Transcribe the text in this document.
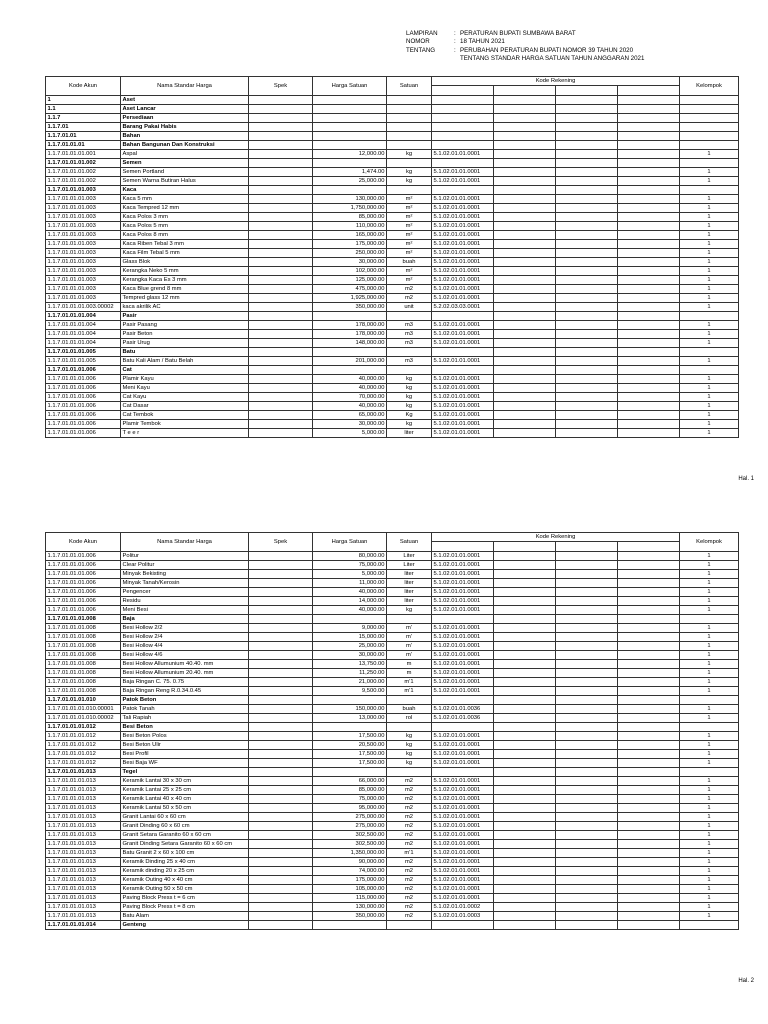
LAMPIRAN	: PERATURAN BUPATI SUMBAWA BARAT
NOMOR	: 18 TAHUN 2021
TENTANG	: PERUBAHAN PERATURAN BUPATI NOMOR 39 TAHUN 2020
TENTANG STANDAR HARGA SATUAN TAHUN ANGGARAN 2021
Kode Akun	Nama Standar Harga	Spek	Harga Satuan	Satuan	Kode Rekening				Kelompok

1	Aset								
1.1	Aset Lancar								
1.1.7	Persediaan								
1.1.7.01	Barang Pakai Habis								
1.1.7.01.01	Bahan								
1.1.7.01.01.01	Bahan Bangunan Dan Konstruksi								
1.1.7.01.01.01.001	Aspal		12,000.00	kg	5.1.02.01.01.0001				1
1.1.7.01.01.01.002	Semen								
1.1.7.01.01.01.002	Semen Portland		1,474.00	kg	5.1.02.01.01.0001				1
1.1.7.01.01.01.002	Semen Warna Butiran Halus		25,000.00	kg	5.1.02.01.01.0001				1
1.1.7.01.01.01.003	Kaca								
1.1.7.01.01.01.003	Kaca 5 mm		130,000.00	m²	5.1.02.01.01.0001				1
1.1.7.01.01.01.003	Kaca Tempred 12 mm		1,750,000.00	m²	5.1.02.01.01.0001				1
1.1.7.01.01.01.003	Kaca Polos 3 mm		85,000.00	m²	5.1.02.01.01.0001				1
1.1.7.01.01.01.003	Kaca Polos 5 mm		110,000.00	m²	5.1.02.01.01.0001				1
1.1.7.01.01.01.003	Kaca Polos 8 mm		165,000.00	m²	5.1.02.01.01.0001				1
1.1.7.01.01.01.003	Kaca Riben Tebal 3 mm		175,000.00	m²	5.1.02.01.01.0001				1
1.1.7.01.01.01.003	Kaca Film Tebal 5 mm		250,000.00	m²	5.1.02.01.01.0001				1
1.1.7.01.01.01.003	Glass Blok		30,000.00	buah	5.1.02.01.01.0001				1
1.1.7.01.01.01.003	Kerangka Neko 5 mm		102,000.00	m²	5.1.02.01.01.0001				1
1.1.7.01.01.01.003	Kerangka Kaca Es 3 mm		125,000.00	m²	5.1.02.01.01.0001				1
1.1.7.01.01.01.003	Kaca Blue grend 8 mm		475,000.00	m2	5.1.02.01.01.0001				1
1.1.7.01.01.01.003	Tempred glass 12 mm		1,925,000.00	m2	5.1.02.01.01.0001				1
1.1.7.01.01.01.003.00002	kaca akrilik AC		350,000.00	unit	5.2.02.03.03.0001				1
1.1.7.01.01.01.004	Pasir								
1.1.7.01.01.01.004	Pasir Pasang		178,000.00	m3	5.1.02.01.01.0001				1
1.1.7.01.01.01.004	Pasir Beton		178,000.00	m3	5.1.02.01.01.0001				1
1.1.7.01.01.01.004	Pasir Urug		148,000.00	m3	5.1.02.01.01.0001				1
1.1.7.01.01.01.005	Batu								
1.1.7.01.01.01.005	Batu Kali Alam / Batu Belah		201,000.00	m3	5.1.02.01.01.0001				1
1.1.7.01.01.01.006	Cat								
1.1.7.01.01.01.006	Plamir Kayu		40,000.00	kg	5.1.02.01.01.0001				1
1.1.7.01.01.01.006	Meni Kayu		40,000.00	kg	5.1.02.01.01.0001				1
1.1.7.01.01.01.006	Cat Kayu		70,000.00	kg	5.1.02.01.01.0001				1
1.1.7.01.01.01.006	Cat Dasar		40,000.00	kg	5.1.02.01.01.0001				1
1.1.7.01.01.01.006	Cat Tembok		65,000.00	Kg	5.1.02.01.01.0001				1
1.1.7.01.01.01.006	Plamir Tembok		30,000.00	kg	5.1.02.01.01.0001				1
1.1.7.01.01.01.006	T e e r		5,000.00	liter	5.1.02.01.01.0001				1
Hal. 1
Kode Akun	Nama Standar Harga	Spek	Harga Satuan	Satuan	Kode Rekening				Kelompok

1.1.7.01.01.01.006	Politur		80,000.00	Liter	5.1.02.01.01.0001				1
1.1.7.01.01.01.006	Clear Politur		75,000.00	Liter	5.1.02.01.01.0001				1
1.1.7.01.01.01.006	Minyak Bekisting		5,000.00	liter	5.1.02.01.01.0001				1
1.1.7.01.01.01.006	Minyak Tanah/Kerosin		11,000.00	liter	5.1.02.01.01.0001				1
1.1.7.01.01.01.006	Pengencer		40,000.00	liter	5.1.02.01.01.0001				1
1.1.7.01.01.01.006	Residu		14,000.00	liter	5.1.02.01.01.0001				1
1.1.7.01.01.01.006	Meni Besi		40,000.00	kg	5.1.02.01.01.0001				1
1.1.7.01.01.01.008	Baja								
1.1.7.01.01.01.008	Besi Hollow 2/2		9,000.00	m'	5.1.02.01.01.0001				1
1.1.7.01.01.01.008	Besi Hollow 2/4		15,000.00	m'	5.1.02.01.01.0001				1
1.1.7.01.01.01.008	Besi Hollow 4/4		25,000.00	m'	5.1.02.01.01.0001				1
1.1.7.01.01.01.008	Besi Hollow 4/6		30,000.00	m'	5.1.02.01.01.0001				1
1.1.7.01.01.01.008	Besi Hollow Allumunium 40.40. mm		13,750.00	m	5.1.02.01.01.0001				1
1.1.7.01.01.01.008	Besi Hollow Allumunium 20.40. mm		11,250.00	m	5.1.02.01.01.0001				1
1.1.7.01.01.01.008	Baja Ringan C. 75. 0.75		21,000.00	m'1	5.1.02.01.01.0001				1
1.1.7.01.01.01.008	Baja Ringan Reng R.0.34.0.45		9,500.00	m'1	5.1.02.01.01.0001				1
1.1.7.01.01.01.010	Patok Beton								
1.1.7.01.01.01.010.00001	Patok Tanah		150,000.00	buah	5.1.02.01.01.0036				1
1.1.7.01.01.01.010.00002	Tali Rapiah		13,000.00	rol	5.1.02.01.01.0036				1
1.1.7.01.01.01.012	Besi Beton								
1.1.7.01.01.01.012	Besi Beton Polos		17,500.00	kg	5.1.02.01.01.0001				1
1.1.7.01.01.01.012	Besi Beton Ulir		20,500.00	kg	5.1.02.01.01.0001				1
1.1.7.01.01.01.012	Besi Profil		17,500.00	kg	5.1.02.01.01.0001				1
1.1.7.01.01.01.012	Besi Baja WF		17,500.00	kg	5.1.02.01.01.0001				1
1.1.7.01.01.01.013	Tegel								
1.1.7.01.01.01.013	Keramik Lantai 30 x 30 cm		66,000.00	m2	5.1.02.01.01.0001				1
1.1.7.01.01.01.013	Keramik Lantai 25 x 25 cm		85,000.00	m2	5.1.02.01.01.0001				1
1.1.7.01.01.01.013	Keramik Lantai 40 x 40 cm		75,000.00	m2	5.1.02.01.01.0001				1
1.1.7.01.01.01.013	Keramik Lantai 50 x 50 cm		95,000.00	m2	5.1.02.01.01.0001				1
1.1.7.01.01.01.013	Granit Lantai 60 x 60 cm		275,000.00	m2	5.1.02.01.01.0001				1
1.1.7.01.01.01.013	Granit Dinding 60 x 60 cm		275,000.00	m2	5.1.02.01.01.0001				1
1.1.7.01.01.01.013	Granit Setara Garanito 60 x 60 cm		302,500.00	m2	5.1.02.01.01.0001				1
1.1.7.01.01.01.013	Granit Dinding Setara Garanito 60 x 60 cm		302,500.00	m2	5.1.02.01.01.0001				1
1.1.7.01.01.01.013	Batu Granit 2 x 60 x 100 cm		1,350,000.00	m'1	5.1.02.01.01.0001				1
1.1.7.01.01.01.013	Keramik Dinding 25 x 40 cm		90,000.00	m2	5.1.02.01.01.0001				1
1.1.7.01.01.01.013	Keramik dinding 20 x 25 cm		74,000.00	m2	5.1.02.01.01.0001				1
1.1.7.01.01.01.013	Keramik Outing 40 x 40 cm		175,000.00	m2	5.1.02.01.01.0001				1
1.1.7.01.01.01.013	Keramik Outing 50 x 50 cm		105,000.00	m2	5.1.02.01.01.0001				1
1.1.7.01.01.01.013	Paving Block Press t = 6 cm		115,000.00	m2	5.1.02.01.01.0001				1
1.1.7.01.01.01.013	Paving Block Press t = 8 cm		130,000.00	m2	5.1.02.01.01.0002				1
1.1.7.01.01.01.013	Batu Alam		350,000.00	m2	5.1.02.01.01.0003				1
1.1.7.01.01.01.014	Genteng								
Hal. 2
